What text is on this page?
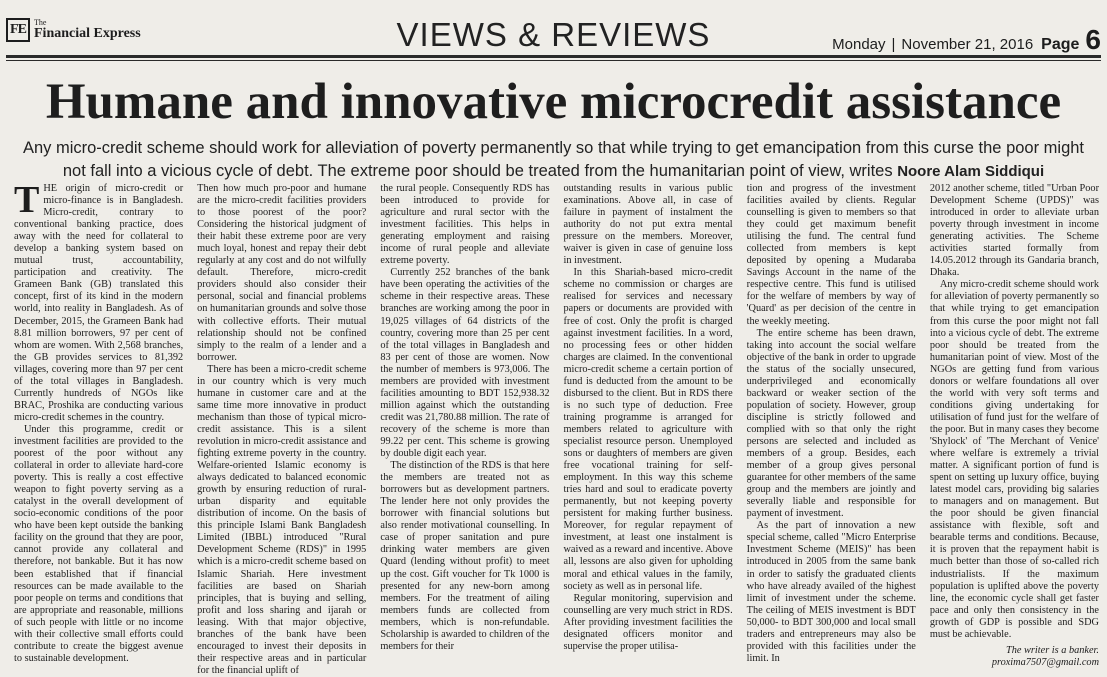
FE	The
Financial Express	VIEWS & REVIEWS	Monday | November 21, 2016 Page 6
Humane and innovative microcredit assistance
Any micro-credit scheme should work for alleviation of poverty permanently so that while trying to get emancipation from this curse the poor might not fall into a vicious cycle of debt. The extreme poor should be treated from the humanitarian point of view, writes Noore Alam Siddiqui

THE origin of micro-credit or micro-finance is in Bangladesh. Micro-credit, contrary to conventional banking practice, does away with the need for collateral to develop a banking system based on mutual trust, accountability, participation and creativity. The Grameen Bank (GB) translated this concept, first of its kind in the modern world, into reality in Bangladesh. As of December, 2015, the Grameen Bank had 8.81 million borrowers, 97 per cent of whom are women. With 2,568 branches, the GB provides services to 81,392 villages, covering more than 97 per cent of the total villages in Bangladesh. Currently hundreds of NGOs like BRAC, Proshika are conducting various micro-credit schemes in the country.

Under this programme, credit or investment facilities are provided to the poorest of the poor without any collateral in order to alleviate hard-core poverty. This is really a cost effective weapon to fight poverty serving as a catalyst in the overall development of socio-economic conditions of the poor who have been kept outside the banking facility on the ground that they are poor, cannot provide any collateral and therefore, not bankable. But it has now been established that if financial resources can be made available to the poor people on terms and conditions that are appropriate and reasonable, millions of such people with little or no income with their collective small efforts could contribute to create the biggest avenue to sustainable development.

Then how much pro-poor and humane are the micro-credit facilities providers to those poorest of the poor? Considering the historical judgment of their habit these extreme poor are very much loyal, honest and repay their debt regularly at any cost and do not wilfully default. Therefore, micro-credit providers should also consider their personal, social and financial problems on humanitarian grounds and solve those with collective efforts. Their mutual relationship should not be confined simply to the realm of a lender and a borrower.

There has been a micro-credit scheme in our country which is very much humane in customer care and at the same time more innovative in product mechanism than those of typical micro-credit assistance. This is a silent revolution in micro-credit assistance and fighting extreme poverty in the country. Welfare-oriented Islamic economy is always dedicated to balanced economic growth by ensuring reduction of rural-urban disparity and equitable distribution of income. On the basis of this principle Islami Bank Bangladesh Limited (IBBL) introduced "Rural Development Scheme (RDS)" in 1995 which is a micro-credit scheme based on Islamic Shariah. Here investment facilities are based on Shariah principles, that is buying and selling, profit and loss sharing and ijarah or leasing. With that major objective, branches of the bank have been encouraged to invest their deposits in their respective areas and in particular for the financial uplift of

the rural people. Consequently RDS has been introduced to provide for agriculture and rural sector with the investment facilities. This helps in generating employment and raising income of rural people and alleviate extreme poverty.

Currently 252 branches of the bank have been operating the activities of the scheme in their respective areas. These branches are working among the poor in 19,025 villages of 64 districts of the country, covering more than 25 per cent of the total villages in Bangladesh and 83 per cent of those are women. Now the number of members is 973,006. The members are provided with investment facilities amounting to BDT 152,938.32 million against which the outstanding credit was 21,780.88 million. The rate of recovery of the scheme is more than 99.22 per cent. This scheme is growing by double digit each year.

The distinction of the RDS is that here the members are treated not as borrowers but as development partners. The lender here not only provides the borrower with financial solutions but also render motivational counselling. In case of proper sanitation and pure drinking water members are given Quard (lending without profit) to meet up the cost. Gift voucher for Tk 1000 is presented for any new-born among members. For the treatment of ailing members funds are collected from members, which is non-refundable. Scholarship is awarded to children of the members for their

outstanding results in various public examinations. Above all, in case of failure in payment of instalment the authority do not put extra mental pressure on the members. Moreover, waiver is given in case of genuine loss in investment.

In this Shariah-based micro-credit scheme no commission or charges are realised for services and necessary papers or documents are provided with free of cost. Only the profit is charged against investment facilities. In a word, no processing fees or other hidden charges are claimed. In the conventional micro-credit scheme a certain portion of fund is deducted from the amount to be disbursed to the client. But in RDS there is no such type of deduction. Free training programme is arranged for members related to agriculture with specialist resource person. Unemployed sons or daughters of members are given free vocational training for self-employment. In this way this scheme tries hard and soul to eradicate poverty permanently, but not keeping poverty persistent for making further business. Moreover, for regular repayment of investment, at least one instalment is waived as a reward and incentive. Above all, lessons are also given for upholding moral and ethical values in the family, society as well as in personal life.

Regular monitoring, supervision and counselling are very much strict in RDS. After providing investment facilities the designated officers monitor and supervise the proper utilisa-

tion and progress of the investment facilities availed by clients. Regular counselling is given to members so that they could get maximum benefit utilising the fund. The central fund collected from members is kept deposited by opening a Mudaraba Savings Account in the name of the respective centre. This fund is utilised for the welfare of members by way of 'Quard' as per decision of the centre in the weekly meeting.

The entire scheme has been drawn, taking into account the social welfare objective of the bank in order to upgrade the status of the socially unsecured, underprivileged and economically backward or weaker section of the population of society. However, group discipline is strictly followed and complied with so that only the right persons are selected and included as members of a group. Besides, each member of a group gives personal guarantee for other members of the same group and the members are jointly and severally liable and responsible for payment of investment.

As the part of innovation a new special scheme, called "Micro Enterprise Investment Scheme (MEIS)" has been introduced in 2005 from the same bank in order to satisfy the graduated clients who have already availed of the highest limit of investment under the scheme. The ceiling of MEIS investment is BDT 50,000- to BDT 300,000 and local small traders and entrepreneurs may also be provided with this facilities under the limit. In

2012 another scheme, titled "Urban Poor Development Scheme (UPDS)" was introduced in order to alleviate urban poverty through investment in income generating activities. The Scheme activities started formally from 14.05.2012 through its Gandaria branch, Dhaka.

Any micro-credit scheme should work for alleviation of poverty permanently so that while trying to get emancipation from this curse the poor might not fall into a vicious cycle of debt. The extreme poor should be treated from the humanitarian point of view. Most of the NGOs are getting fund from various donors or welfare foundations all over the world with very soft terms and conditions giving undertaking for utilisation of fund just for the welfare of the poor. But in many cases they become 'Shylock' of 'The Merchant of Venice' where welfare is extremely a trivial matter. A significant portion of fund is spent on setting up luxury office, buying latest model cars, providing big salaries to managers and on management. But the poor should be given financial assistance with flexible, soft and bearable terms and conditions. Because, it is proven that the repayment habit is much better than those of so-called rich industrialists. If the maximum population is uplifted above the poverty line, the economic cycle shall get faster pace and only then consistency in the growth of GDP is possible and SDG must be achievable.

The writer is a banker.
proxima7507@gmail.com
